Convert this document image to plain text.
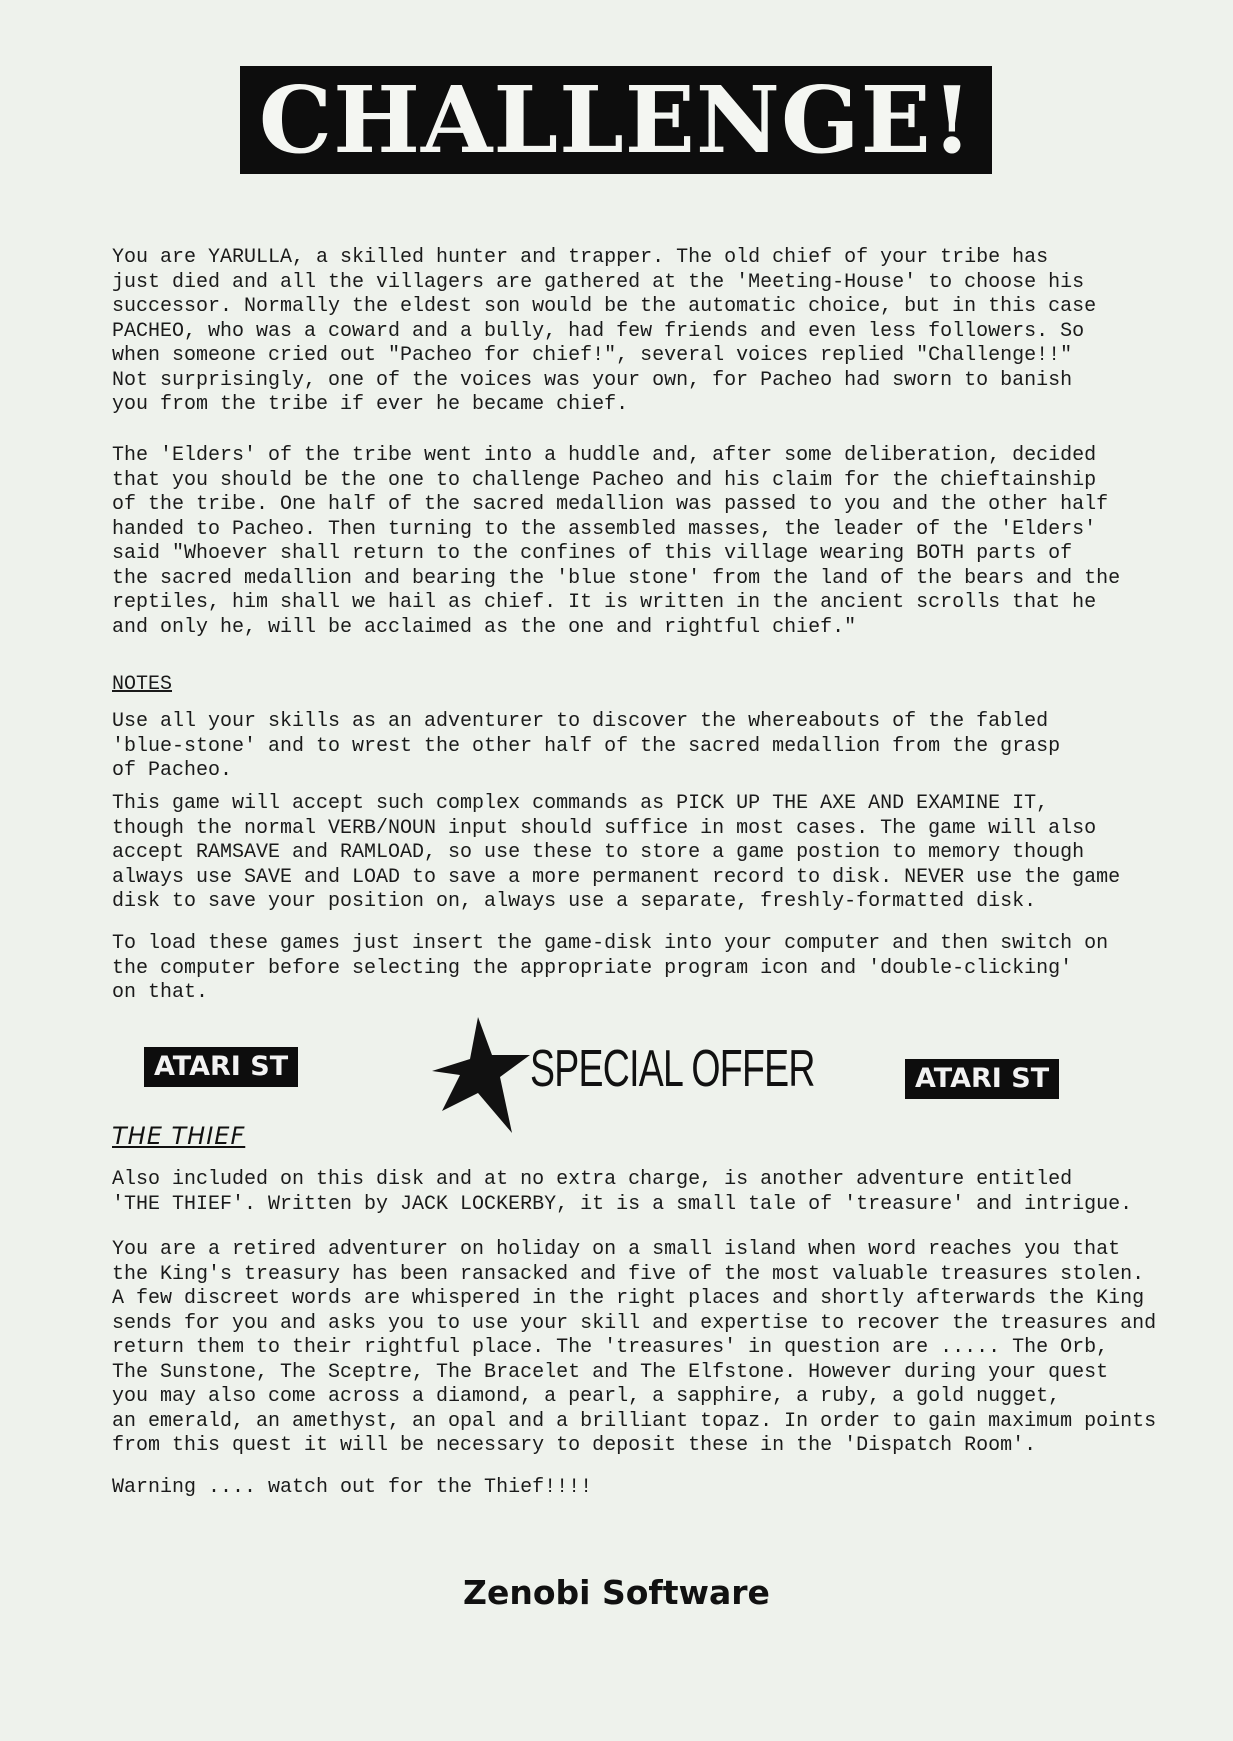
CHALLENGE!

You are YARULLA, a skilled hunter and trapper. The old chief of your tribe has
just died and all the villagers are gathered at the 'Meeting-House' to choose his
successor. Normally the eldest son would be the automatic choice, but in this case
PACHEO, who was a coward and a bully, had few friends and even less followers. So
when someone cried out "Pacheo for chief!", several voices replied "Challenge!!"
Not surprisingly, one of the voices was your own, for Pacheo had sworn to banish
you from the tribe if ever he became chief.

The 'Elders' of the tribe went into a huddle and, after some deliberation, decided
that you should be the one to challenge Pacheo and his claim for the chieftainship
of the tribe. One half of the sacred medallion was passed to you and the other half
handed to Pacheo. Then turning to the assembled masses, the leader of the 'Elders'
said "Whoever shall return to the confines of this village wearing BOTH parts of
the sacred medallion and bearing the 'blue stone' from the land of the bears and the
reptiles, him shall we hail as chief. It is written in the ancient scrolls that he
and only he, will be acclaimed as the one and rightful chief."

NOTES

Use all your skills as an adventurer to discover the whereabouts of the fabled
'blue-stone' and to wrest the other half of the sacred medallion from the grasp
of Pacheo.

This game will accept such complex commands as PICK UP THE AXE AND EXAMINE IT,
though the normal VERB/NOUN input should suffice in most cases. The game will also
accept RAMSAVE and RAMLOAD, so use these to store a game postion to memory though
always use SAVE and LOAD to save a more permanent record to disk. NEVER use the game
disk to save your position on, always use a separate, freshly-formatted disk.

To load these games just insert the game-disk into your computer and then switch on
the computer before selecting the appropriate program icon and 'double-clicking'
on that.

ATARI ST	SPECIAL OFFER	ATARI ST
THE THIEF

Also included on this disk and at no extra charge, is another adventure entitled
'THE THIEF'. Written by JACK LOCKERBY, it is a small tale of 'treasure' and intrigue.

You are a retired adventurer on holiday on a small island when word reaches you that
the King's treasury has been ransacked and five of the most valuable treasures stolen.
A few discreet words are whispered in the right places and shortly afterwards the King
sends for you and asks you to use your skill and expertise to recover the treasures and
return them to their rightful place. The 'treasures' in question are ..... The Orb,
The Sunstone, The Sceptre, The Bracelet and The Elfstone. However during your quest
you may also come across a diamond, a pearl, a sapphire, a ruby, a gold nugget,
an emerald, an amethyst, an opal and a brilliant topaz. In order to gain maximum points
from this quest it will be necessary to deposit these in the 'Dispatch Room'.

Warning .... watch out for the Thief!!!!

Zenobi Software
